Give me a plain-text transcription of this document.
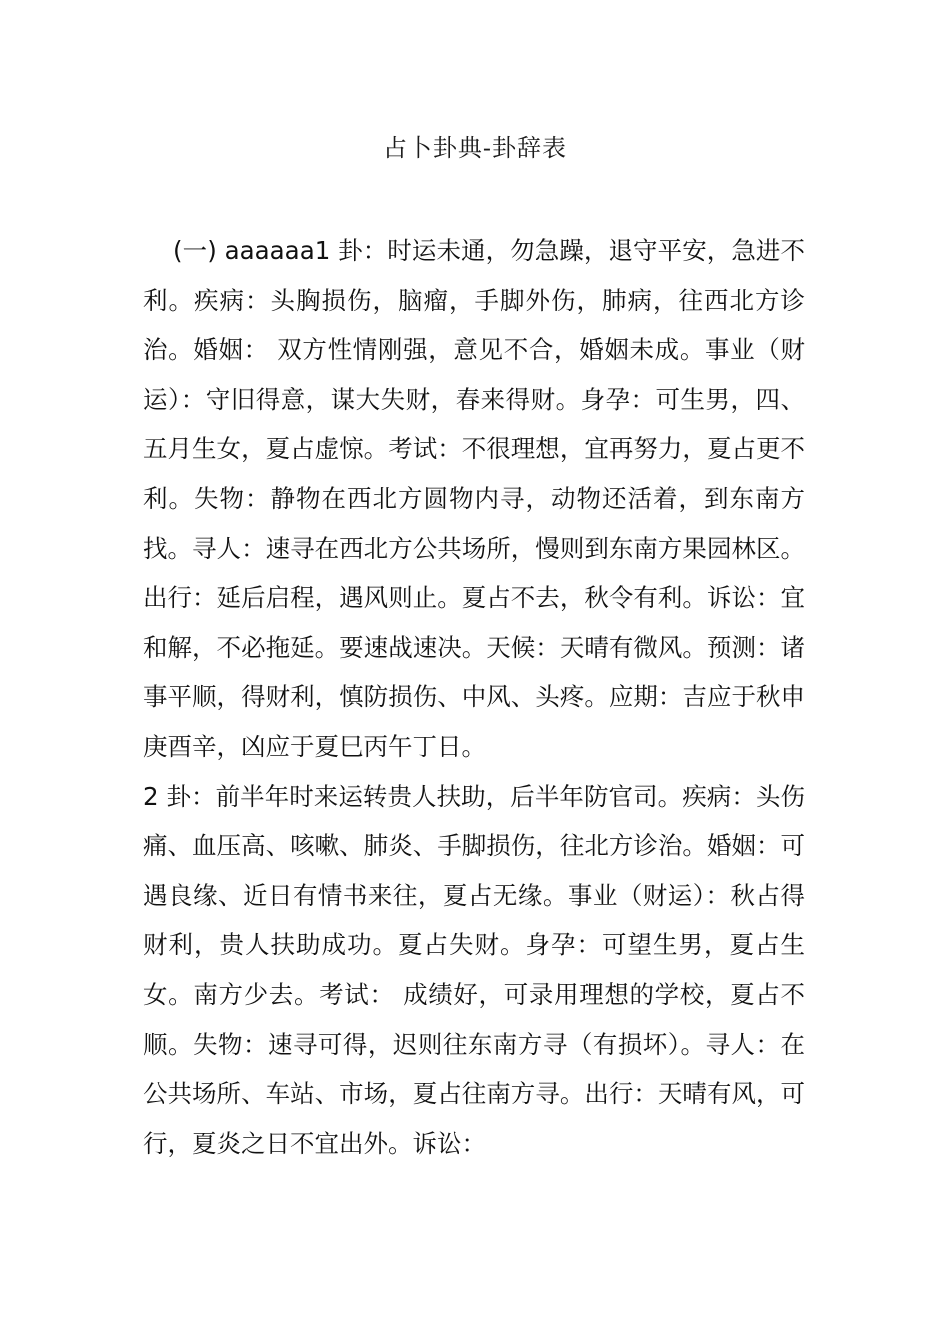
占卜卦典-卦辞表

(一) aaaaaa1 卦：时运未通，勿急躁，退守平安，急进不利。疾病：头胸损伤，脑瘤，手脚外伤，肺病，往西北方诊治。婚姻： 双方性情刚强，意见不合，婚姻未成。事业（财运）：守旧得意，谋大失财，春来得财。身孕：可生男，四、五月生女，夏占虚惊。考试：不很理想，宜再努力，夏占更不利。失物：静物在西北方圆物内寻，动物还活着，到东南方找。寻人：速寻在西北方公共场所，慢则到东南方果园林区。出行：延后启程，遇风则止。夏占不去，秋令有利。诉讼：宜和解，不必拖延。要速战速决。天候：天晴有微风。预测：诸事平顺，得财利，慎防损伤、中风、头疼。应期：吉应于秋申庚酉辛，凶应于夏巳丙午丁日。

2 卦：前半年时来运转贵人扶助，后半年防官司。疾病：头伤痛、血压高、咳嗽、肺炎、手脚损伤，往北方诊治。婚姻：可遇良缘、近日有情书来往，夏占无缘。事业（财运）：秋占得财利，贵人扶助成功。夏占失财。身孕：可望生男，夏占生女。南方少去。考试： 成绩好，可录用理想的学校，夏占不顺。失物：速寻可得，迟则往东南方寻（有损坏）。寻人：在公共场所、车站、市场，夏占往南方寻。出行：天晴有风，可行，夏炎之日不宜出外。诉讼：
